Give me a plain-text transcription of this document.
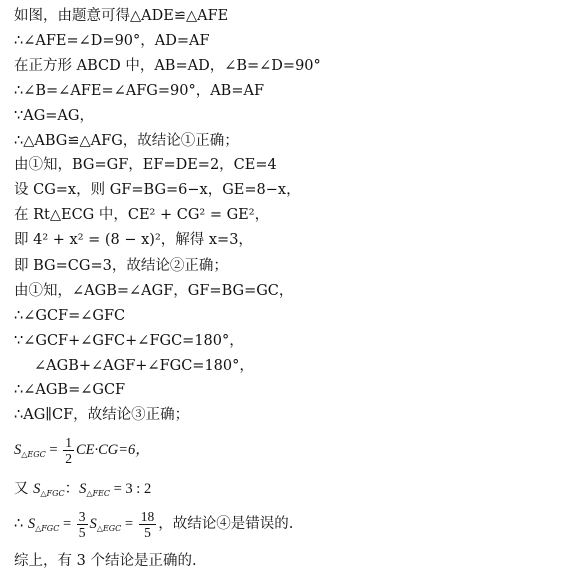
如图，由题意可得△ADE≌△AFE
∴∠AFE=∠D=90°，AD=AF
在正方形 ABCD 中，AB=AD，∠B=∠D=90°
∴∠B=∠AFE=∠AFG=90°，AB=AF
∵AG=AG，
∴△ABG≌△AFG，故结论①正确；
由①知，BG=GF，EF=DE=2，CE=4
设 CG=x，则 GF=BG=6−x，GE=8−x，
在 Rt△ECG 中，CE² + CG² = GE²，
即 4² + x² = (8 − x)²，解得 x=3，
即 BG=CG=3，故结论②正确；
由①知，∠AGB=∠AGF，GF=BG=GC，
∴∠GCF=∠GFC
∵∠GCF+∠GFC+∠FGC=180°，
∠AGB+∠AGF+∠FGC=180°，
∴∠AGB=∠GCF
∴AG∥CF，故结论③正确；
$S_{\triangle EGC} = \frac{1}{2} CE\cdot CG=6$，
又 $S_{\triangle FGC}$：$S_{\triangle FEC} = 3$ : 2
∴ $S_{\triangle FGC} = \frac{3}{5} S_{\triangle EGC} = \frac{18}{5}$ ，故结论④是错误的.
综上，有 3 个结论是正确的.
